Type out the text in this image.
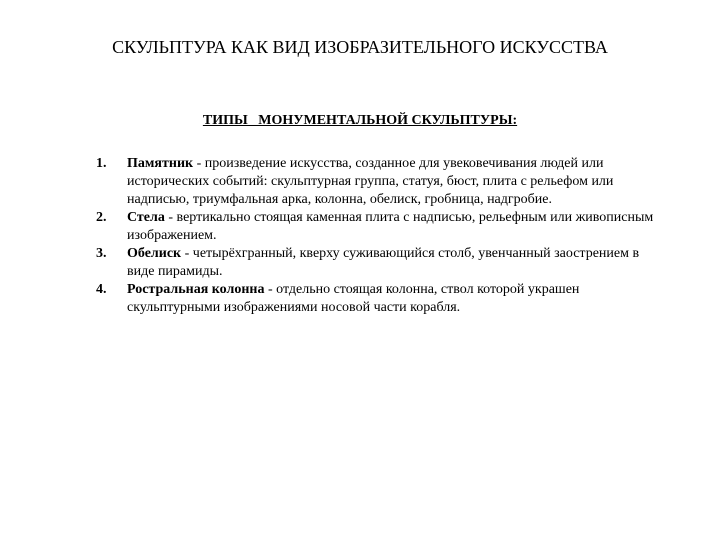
СКУЛЬПТУРА КАК ВИД ИЗОБРАЗИТЕЛЬНОГО ИСКУССТВА
ТИПЫ   МОНУМЕНТАЛЬНОЙ СКУЛЬПТУРЫ:
1.	Памятник - произведение искусства, созданное для увековечивания людей или исторических событий: скульптурная группа, статуя, бюст, плита с рельефом или надписью, триумфальная арка, колонна, обелиск, гробница, надгробие.
2.	Стела - вертикально стоящая каменная плита с надписью, рельефным или живописным изображением.
3.	Обелиск - четырёхгранный, кверху суживающийся столб, увенчанный заострением в виде пирамиды.
4.	Ростральная колонна - отдельно стоящая колонна, ствол которой украшен скульптурными изображениями носовой части корабля.
